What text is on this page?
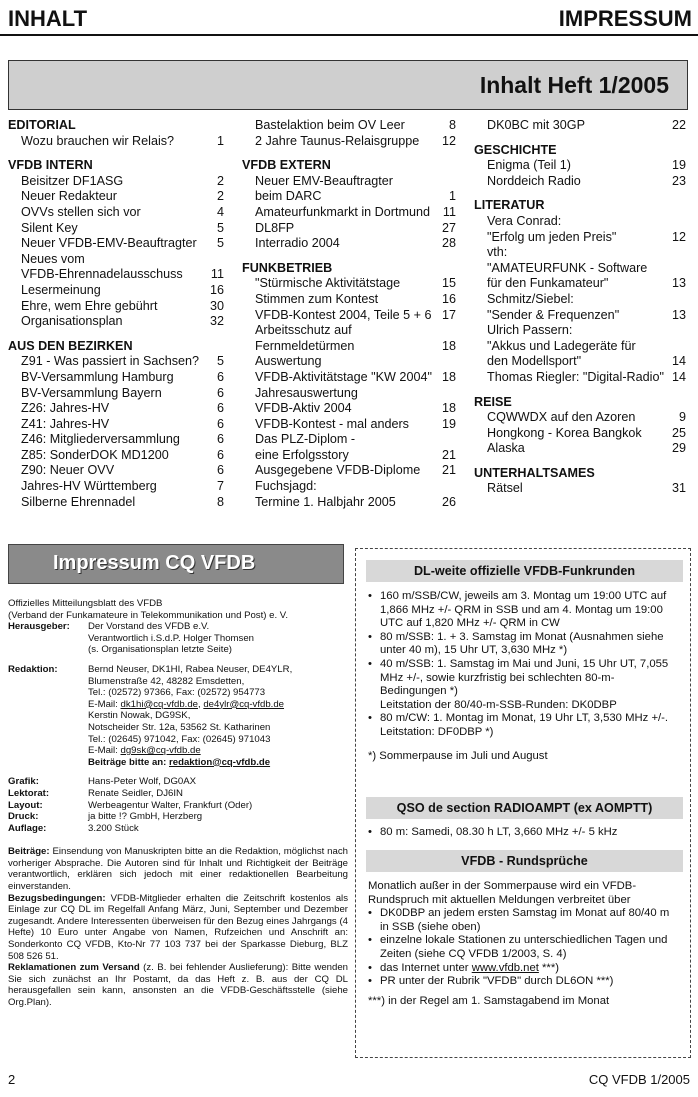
INHALT	IMPRESSUM
Inhalt Heft 1/2005
EDITORIAL
Wozu brauchen wir Relais?	1
VFDB INTERN
Beisitzer DF1ASG	2
Neuer Redakteur	2
OVVs stellen sich vor	4
Silent Key	5
Neuer VFDB-EMV-Beauftragter	5
Neues vom
VFDB-Ehrennadelausschuss	11
Lesermeinung	16
Ehre, wem Ehre gebührt	30
Organisationsplan	32
AUS DEN BEZIRKEN
Z91 - Was passiert in Sachsen?	5
BV-Versammlung Hamburg	6
BV-Versammlung Bayern	6
Z26: Jahres-HV	6
Z41: Jahres-HV	6
Z46: Mitgliederversammlung	6
Z85: SonderDOK MD1200	6
Z90: Neuer OVV	6
Jahres-HV Württemberg	7
Silberne Ehrennadel	8
Bastelaktion beim OV Leer	8
2 Jahre Taunus-Relaisgruppe	12
VFDB EXTERN
Neuer EMV-Beauftragter
beim DARC	1
Amateurfunkmarkt in Dortmund	11
DL8FP	27
Interradio 2004	28
FUNKBETRIEB
"Stürmische Aktivitätstage	15
Stimmen zum Kontest	16
VFDB-Kontest 2004, Teile 5 + 6 17
Arbeitsschutz auf
Fernmeldetürmen	18
Auswertung
VFDB-Aktivitätstage "KW 2004" 18
Jahresauswertung
VFDB-Aktiv 2004	18
VFDB-Kontest - mal anders	19
Das PLZ-Diplom -
eine Erfolgsstory	21
Ausgegebene VFDB-Diplome	21
Fuchsjagd:
Termine 1. Halbjahr 2005	26
DK0BC mit 30GP	22
GESCHICHTE
Enigma (Teil 1)	19
Norddeich Radio	23
LITERATUR
Vera Conrad:
"Erfolg um jeden Preis"	12
vth:
"AMATEURFUNK - Software
für den Funkamateur"	13
Schmitz/Siebel:
"Sender & Frequenzen"	13
Ulrich Passern:
"Akkus und Ladegeräte für
den Modellsport"	14
Thomas Riegler: "Digital-Radio" 14
REISE
CQWWDX auf den Azoren	9
Hongkong - Korea Bangkok	25
Alaska	29
UNTERHALTSAMES
Rätsel	31
Impressum CQ VFDB
Offizielles Mitteilungsblatt des VFDB
(Verband der Funkamateure in Telekommunikation und Post) e. V.
Herausgeber:	Der Vorstand des VFDB e.V.
Verantwortlich i.S.d.P. Holger Thomsen
(s. Organisationsplan letzte Seite)
Redaktion:	Bernd Neuser, DK1HI, Rabea Neuser, DE4YLR,
Blumenstraße 42, 48282 Emsdetten,
Tel.: (02572) 97366, Fax: (02572) 954773
E-Mail: dk1hi@cq-vfdb.de, de4ylr@cq-vfdb.de
Kerstin Nowak, DG9SK,
Notscheider Str. 12a, 53562 St. Katharinen
Tel.: (02645) 971042, Fax: (02645) 971043
E-Mail: dg9sk@cq-vfdb.de
Beiträge bitte an: redaktion@cq-vfdb.de
Grafik:	Hans-Peter Wolf, DG0AX
Lektorat:	Renate Seidler, DJ6IN
Layout:	Werbeagentur Walter, Frankfurt (Oder)
Druck:	ja bitte !? GmbH, Herzberg
Auflage:	3.200 Stück
Beiträge: Einsendung von Manuskripten bitte an die Redaktion, möglichst nach vorheriger Absprache. Die Autoren sind für Inhalt und Richtigkeit der Beiträge verantwortlich, erklären sich jedoch mit einer redaktionellen Bearbeitung einverstanden.
Bezugsbedingungen: VFDB-Mitglieder erhalten die Zeitschrift kostenlos als Einlage zur CQ DL im Regelfall Anfang März, Juni, September und Dezember zugesandt. Andere Interessenten überweisen für den Bezug eines Jahrgangs (4 Hefte) 10 Euro unter Angabe von Namen, Rufzeichen und Anschrift an: Sonderkonto CQ VFDB, Kto-Nr 77 103 737 bei der Sparkasse Dieburg, BLZ 508 526 51.
Reklamationen zum Versand (z. B. bei fehlender Auslieferung): Bitte wenden Sie sich zunächst an Ihr Postamt, da das Heft z. B. aus der CQ DL herausgefallen sein kann, ansonsten an die VFDB-Geschäftsstelle (siehe Org.Plan).
DL-weite offizielle VFDB-Funkrunden
• 160 m/SSB/CW, jeweils am 3. Montag um 19:00 UTC auf 1,866 MHz +/- QRM in SSB und am 4. Montag um 19:00 UTC auf 1,820 MHz +/- QRM in CW
• 80 m/SSB: 1. + 3. Samstag im Monat (Ausnahmen siehe unter 40 m), 15 Uhr UT, 3,630 MHz *)
• 40 m/SSB: 1. Samstag im Mai und Juni, 15 Uhr UT, 7,055 MHz +/-, sowie kurzfristig bei schlechten 80-m-Bedingungen *)
Leitstation der 80/40-m-SSB-Runden: DK0DBP
• 80 m/CW: 1. Montag im Monat, 19 Uhr LT, 3,530 MHz +/-. Leitstation: DF0DBP *)
*) Sommerpause im Juli und August
QSO de section RADIOAMPT (ex AOMPTT)
• 80 m: Samedi, 08.30 h LT, 3,660 MHz +/- 5 kHz
VFDB - Rundsprüche
Monatlich außer in der Sommerpause wird ein VFDB-Rundspruch mit aktuellen Meldungen verbreitet über
• DK0DBP an jedem ersten Samstag im Monat auf 80/40 m in SSB (siehe oben)
• einzelne lokale Stationen zu unterschiedlichen Tagen und Zeiten (siehe CQ VFDB 1/2003, S. 4)
• das Internet unter www.vfdb.net ***)
• PR unter der Rubrik "VFDB" durch DL6ON ***)
***) in der Regel am 1. Samstagabend im Monat
2	CQ VFDB 1/2005
